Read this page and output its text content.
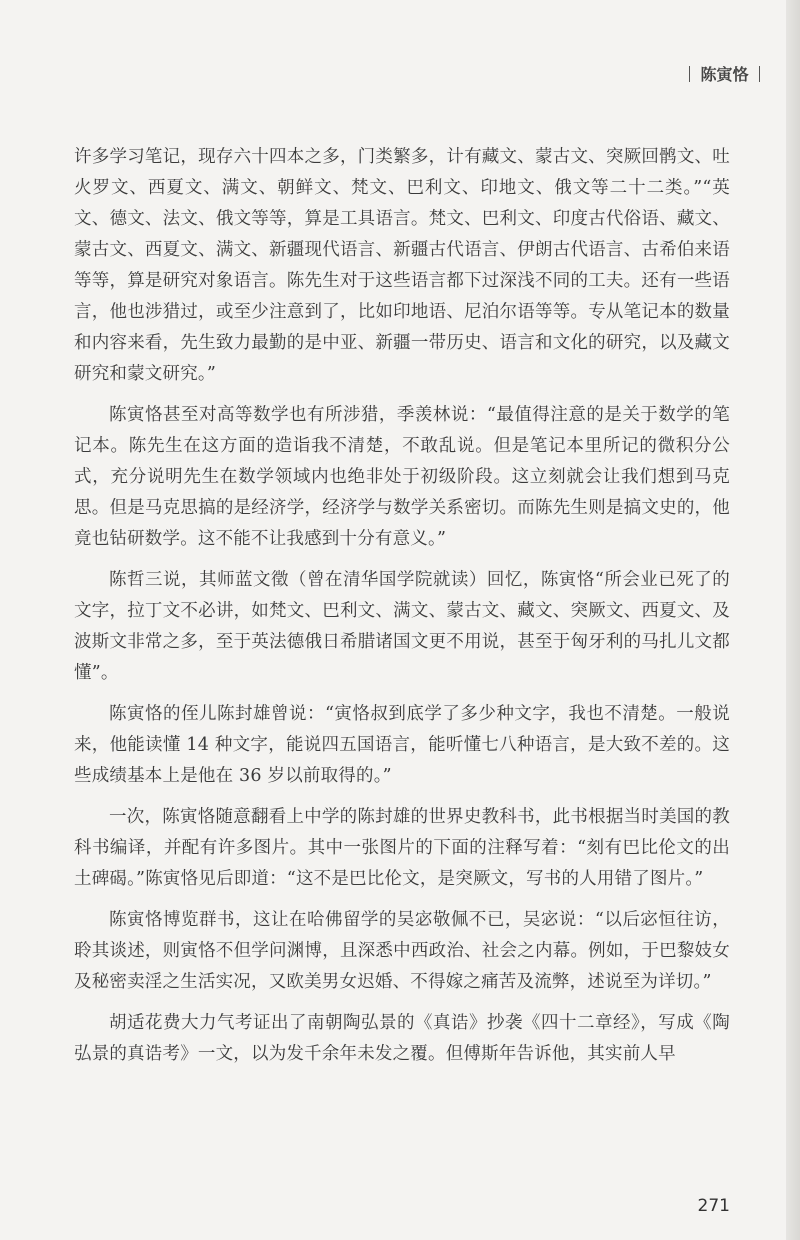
陈寅恪

许多学习笔记，现存六十四本之多，门类繁多，计有藏文、蒙古文、突厥回鹘文、吐火罗文、西夏文、满文、朝鲜文、梵文、巴利文、印地文、俄文等二十二类。”“英文、德文、法文、俄文等等，算是工具语言。梵文、巴利文、印度古代俗语、藏文、蒙古文、西夏文、满文、新疆现代语言、新疆古代语言、伊朗古代语言、古希伯来语等等，算是研究对象语言。陈先生对于这些语言都下过深浅不同的工夫。还有一些语言，他也涉猎过，或至少注意到了，比如印地语、尼泊尔语等等。专从笔记本的数量和内容来看，先生致力最勤的是中亚、新疆一带历史、语言和文化的研究，以及藏文研究和蒙文研究。”

陈寅恪甚至对高等数学也有所涉猎，季羡林说：“最值得注意的是关于数学的笔记本。陈先生在这方面的造诣我不清楚，不敢乱说。但是笔记本里所记的微积分公式，充分说明先生在数学领域内也绝非处于初级阶段。这立刻就会让我们想到马克思。但是马克思搞的是经济学，经济学与数学关系密切。而陈先生则是搞文史的，他竟也钻研数学。这不能不让我感到十分有意义。”

陈哲三说，其师蓝文徵（曾在清华国学院就读）回忆，陈寅恪“所会业已死了的文字，拉丁文不必讲，如梵文、巴利文、满文、蒙古文、藏文、突厥文、西夏文、及波斯文非常之多，至于英法德俄日希腊诸国文更不用说，甚至于匈牙利的马扎儿文都懂”。

陈寅恪的侄儿陈封雄曾说：“寅恪叔到底学了多少种文字，我也不清楚。一般说来，他能读懂 14 种文字，能说四五国语言，能听懂七八种语言，是大致不差的。这些成绩基本上是他在 36 岁以前取得的。”

一次，陈寅恪随意翻看上中学的陈封雄的世界史教科书，此书根据当时美国的教科书编译，并配有许多图片。其中一张图片的下面的注释写着：“刻有巴比伦文的出土碑碣。”陈寅恪见后即道：“这不是巴比伦文，是突厥文，写书的人用错了图片。”

陈寅恪博览群书，这让在哈佛留学的吴宓敬佩不已，吴宓说：“以后宓恒往访，聆其谈述，则寅恪不但学问渊博，且深悉中西政治、社会之内幕。例如，于巴黎妓女及秘密卖淫之生活实况，又欧美男女迟婚、不得嫁之痛苦及流弊，述说至为详切。”

胡适花费大力气考证出了南朝陶弘景的《真诰》抄袭《四十二章经》，写成《陶弘景的真诰考》一文，以为发千余年未发之覆。但傅斯年告诉他，其实前人早

271
